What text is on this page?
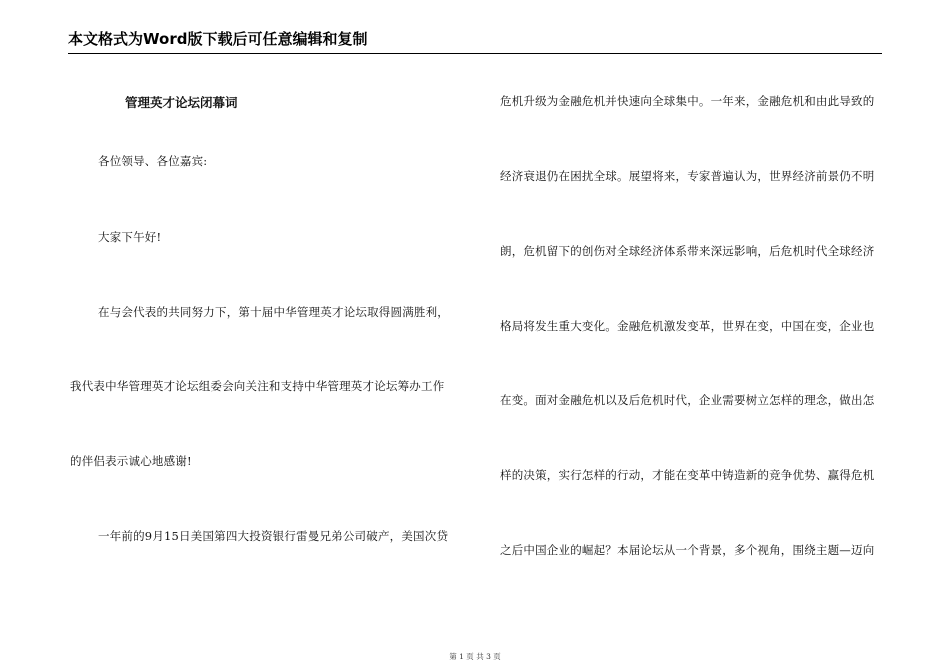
本文格式为Word版下载后可任意编辑和复制
管理英才论坛闭幕词
各位领导、各位嘉宾:
大家下午好!
在与会代表的共同努力下，第十届中华管理英才论坛取得圆满胜利，
我代表中华管理英才论坛组委会向关注和支持中华管理英才论坛筹办工作
的伴侣表示诚心地感谢!
一年前的9月15日美国第四大投资银行雷曼兄弟公司破产，美国次贷
危机升级为金融危机并快速向全球集中。一年来，金融危机和由此导致的
经济衰退仍在困扰全球。展望将来，专家普遍认为，世界经济前景仍不明
朗，危机留下的创伤对全球经济体系带来深远影响，后危机时代全球经济
格局将发生重大变化。金融危机激发变革，世界在变，中国在变，企业也
在变。面对金融危机以及后危机时代，企业需要树立怎样的理念，做出怎
样的决策，实行怎样的行动，才能在变革中铸造新的竞争优势、赢得危机
之后中国企业的崛起？本届论坛从一个背景，多个视角，围绕主题—迈向
第 1 页 共 3 页
